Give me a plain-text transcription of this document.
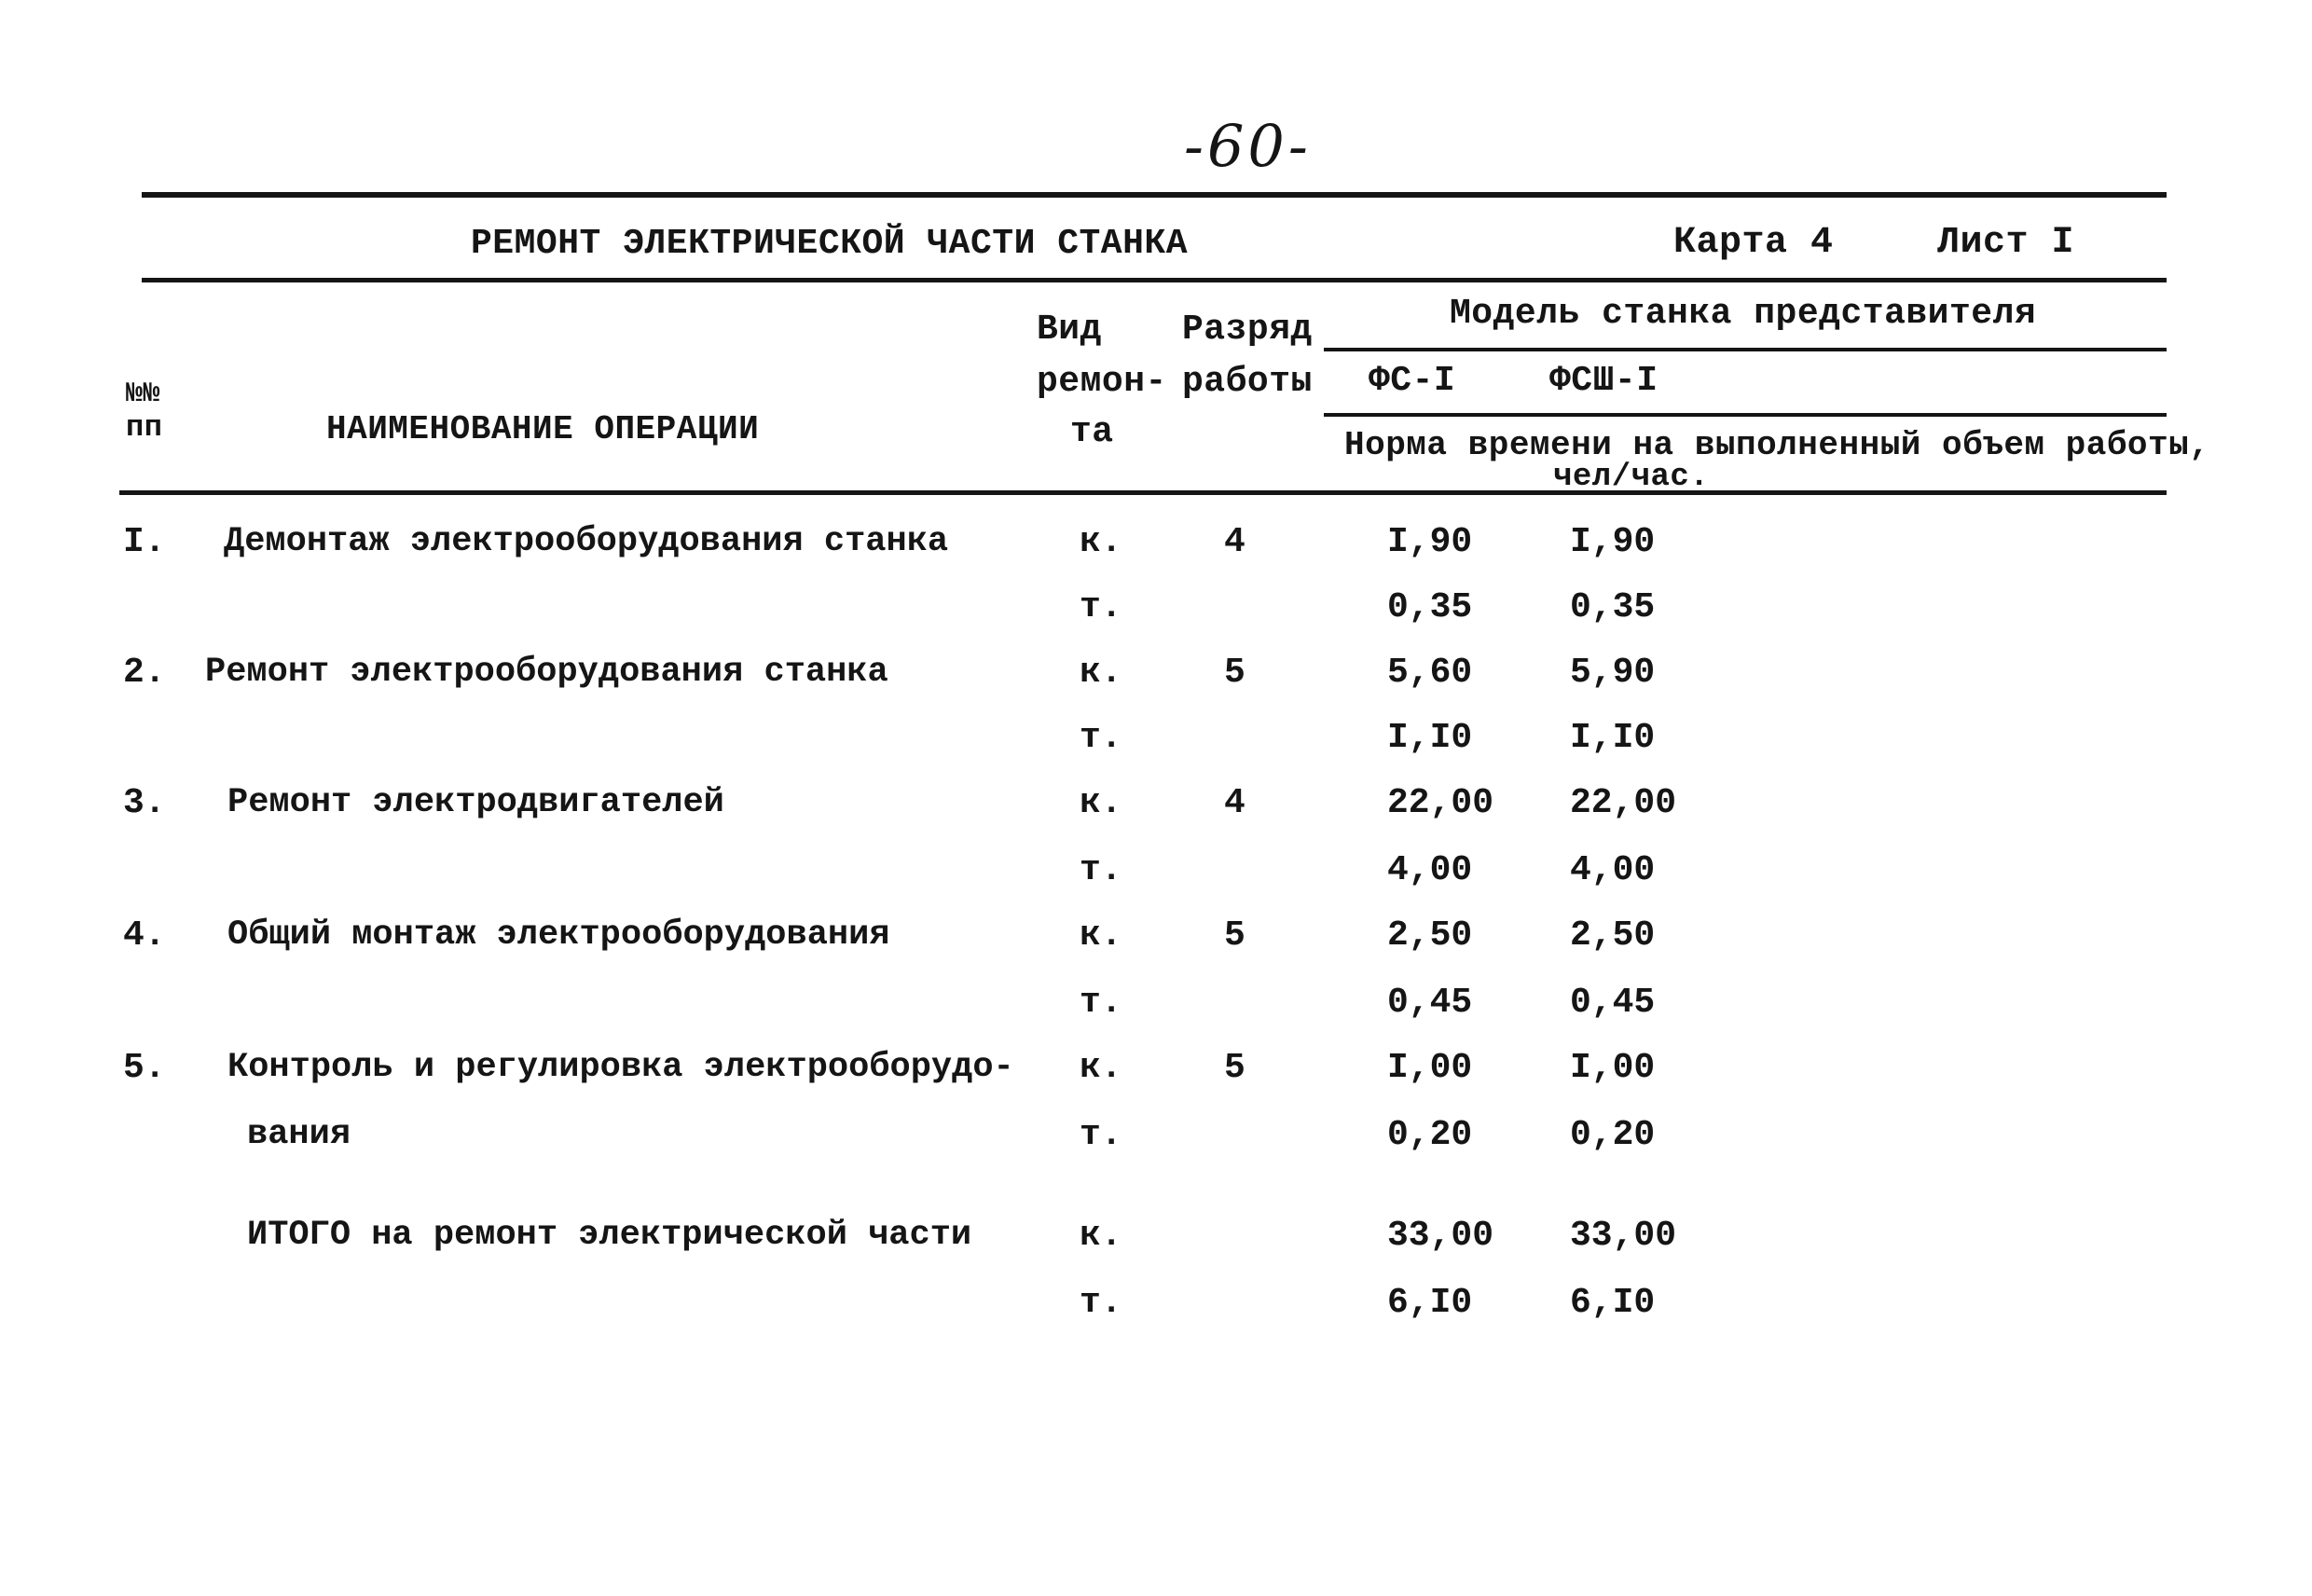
-60-
РЕМОНТ ЭЛЕКТРИЧЕСКОЙ ЧАСТИ СТАНКА	Карта 4	Лист I
№№
пп	НАИМЕНОВАНИЕ ОПЕРАЦИИ
Вид
ремон-
та
Разряд
работы
Модель станка представителя
ФС-I	ФСШ-I
Норма времени на выполненный объем работы,
чел/час.
I. Демонтаж электрооборудования станка	к.	4	I,90	I,90
т.	0,35	0,35
2. Ремонт электрооборудования станка	к.	5	5,60	5,90
т.	I,I0	I,I0
3. Ремонт электродвигателей	к.	4	22,00 22,00
т.	4,00	4,00
4. Общий монтаж электрооборудования	к.	5	2,50	2,50
т.	0,45	0,45
5. Контроль и регулировка электрооборудо- к.	5	I,00	I,00
вания	т.	0,20	0,20
ИТОГО на ремонт электрической части	к.	33,00 33,00
т.	6,I0	6,I0
